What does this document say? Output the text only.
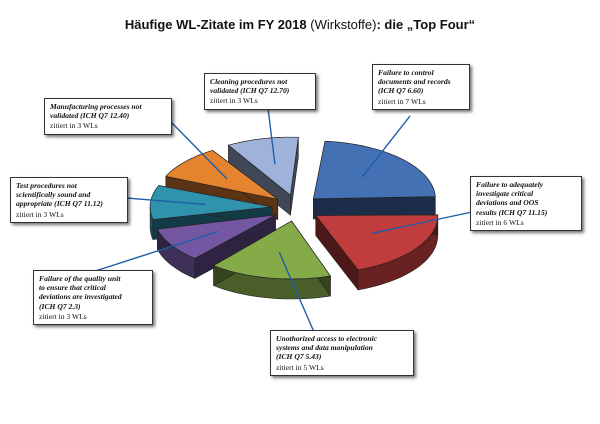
Häufige WL-Zitate im FY 2018 (Wirkstoffe): die „Top Four“
Failure to control
documents and records
(ICH Q7 6.60)
zitiert in 7 WLs
Failure to adequately
investigate critical
deviations and OOS
results (ICH Q7 11.15)
zitiert in 6 WLs
Unothorized access to electronic
systems and data manipulation
(ICH Q7 5.43)
zitiert in 5 WLs
Failure of the quality unit
to ensure that critical
deviations are investigated
(ICH Q7 2.3)
zitiert in 3 WLs
Test procedures not
scientifically sound and
appropriate (ICH Q7 11.12)
zitiert in 3 WLs
Manufacturing processes not
validated (ICH Q7 12.40)
zitiert in 3 WLs
Cleaning procedures not
validated (ICH Q7 12.70)
zitiert in 3 WLs
